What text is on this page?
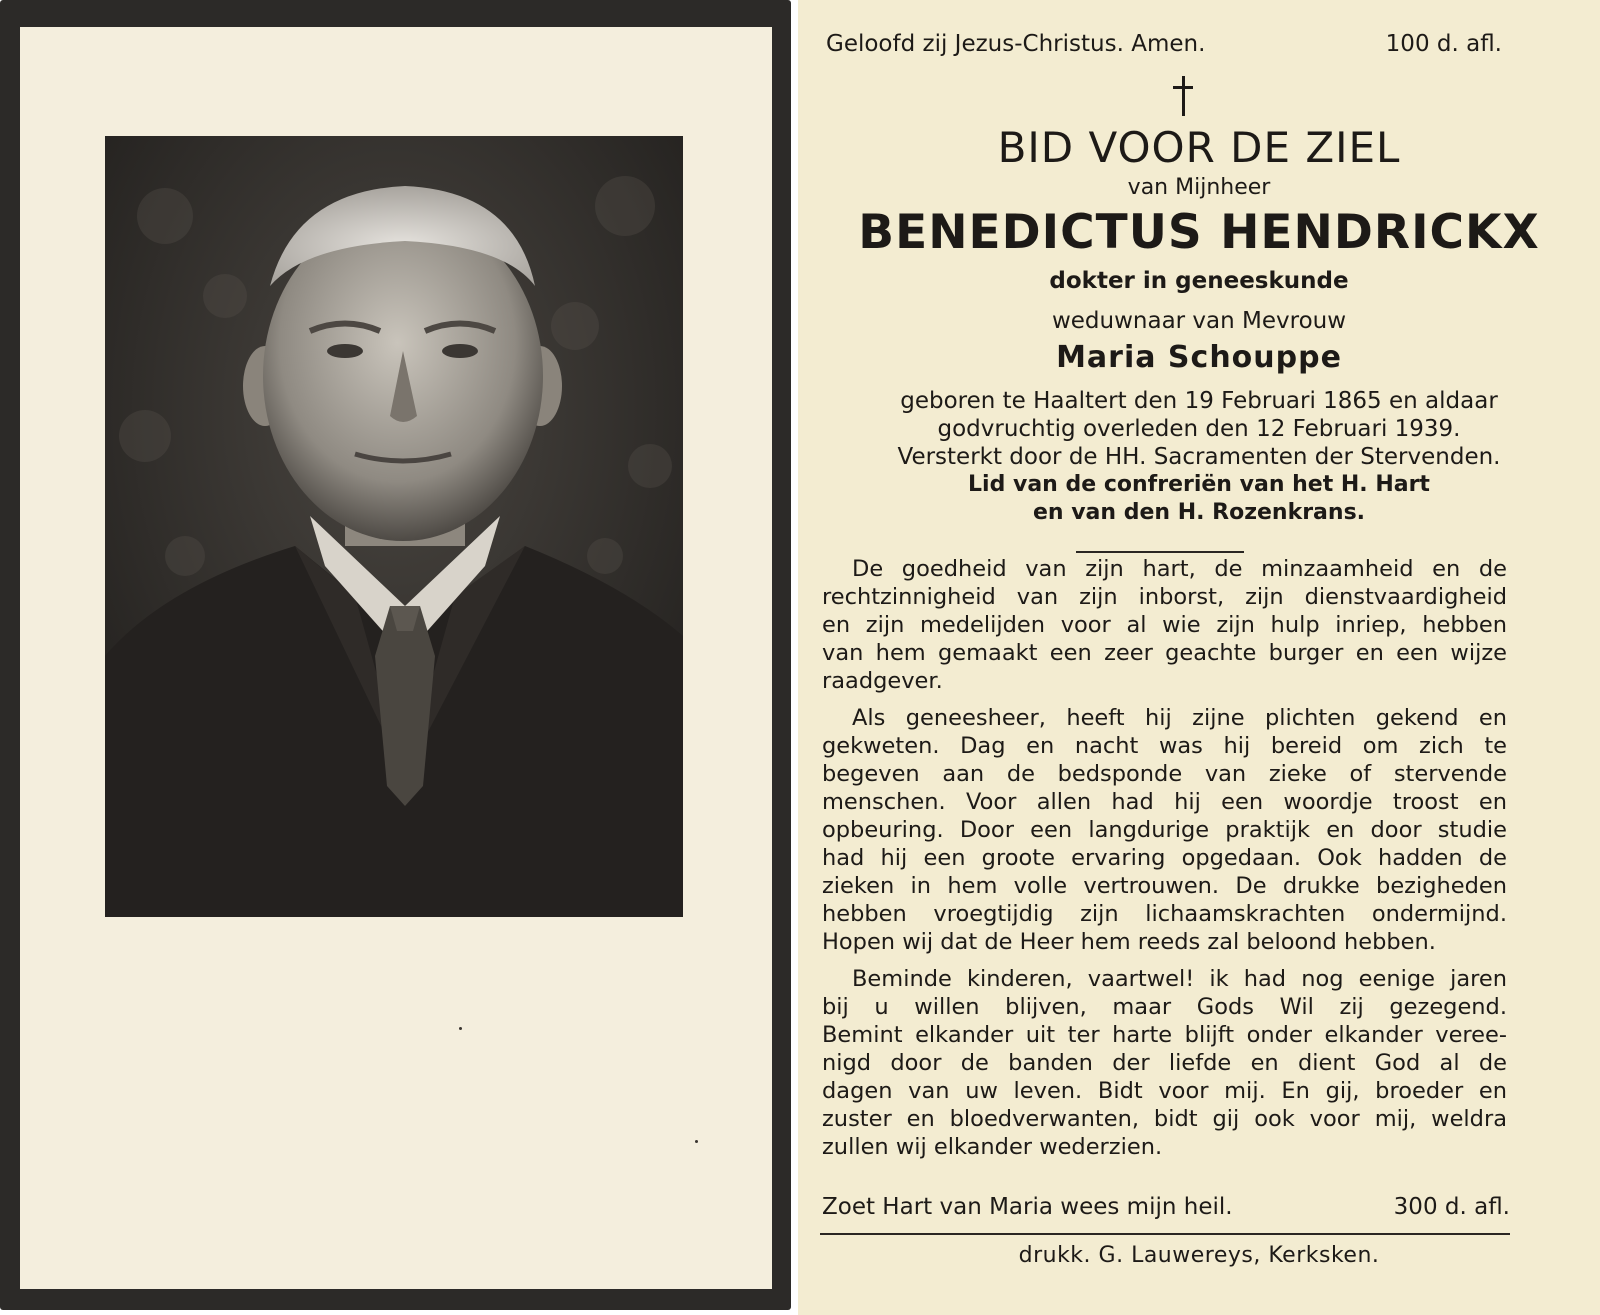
Geloofd zij Jezus-Christus. Amen.	100 d. afl.
BID VOOR DE ZIEL
van Mijnheer
BENEDICTUS HENDRICKX
dokter in geneeskunde
weduwnaar van Mevrouw
Maria Schouppe
geboren te Haaltert den 19 Februari 1865 en aldaar
godvruchtig overleden den 12 Februari 1939.
Versterkt door de HH. Sacramenten der Stervenden.
Lid van de confreriën van het H. Hart
en van den H. Rozenkrans.
De goedheid van zijn hart, de minzaamheid en de
rechtzinnigheid van zijn inborst, zijn dienstvaardigheid
en zijn medelijden voor al wie zijn hulp inriep, hebben
van hem gemaakt een zeer geachte burger en een wijze
raadgever.
Als geneesheer, heeft hij zijne plichten gekend en
gekweten. Dag en nacht was hij bereid om zich te
begeven aan de bedsponde van zieke of stervende
menschen. Voor allen had hij een woordje troost en
opbeuring. Door een langdurige praktijk en door studie
had hij een groote ervaring opgedaan. Ook hadden de
zieken in hem volle vertrouwen. De drukke bezigheden
hebben vroegtijdig zijn lichaamskrachten ondermijnd.
Hopen wij dat de Heer hem reeds zal beloond hebben.
Beminde kinderen, vaartwel! ik had nog eenige jaren
bij u willen blijven, maar Gods Wil zij gezegend.
Bemint elkander uit ter harte blijft onder elkander vereе-
nigd door de banden der liefde en dient God al de
dagen van uw leven. Bidt voor mij. En gij, broeder en
zuster en bloedverwanten, bidt gij ook voor mij, weldra
zullen wij elkander wederzien.
Zoet Hart van Maria wees mijn heil.	300 d. afl.
drukk. G. Lauwereys, Kerksken.
